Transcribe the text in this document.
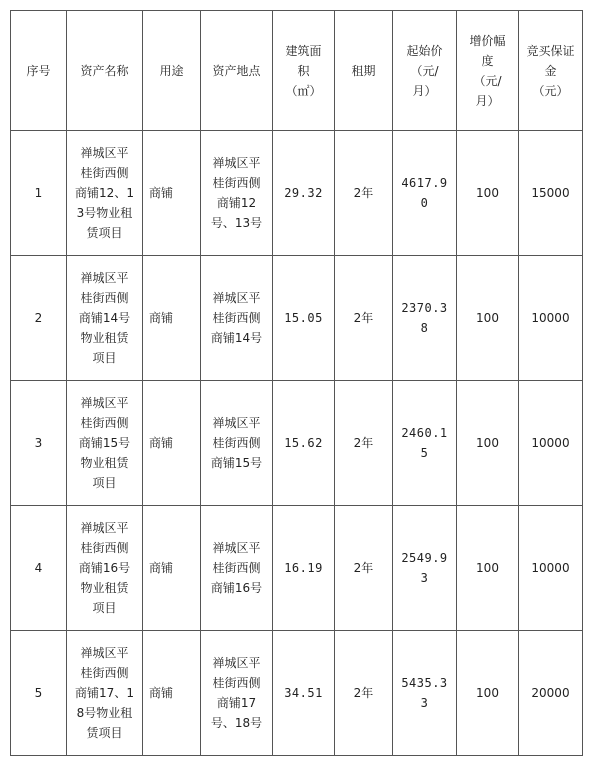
序号	资产名称	用途	资产地点	建筑面
积
（㎡）	租期	起始价
（元/
月）	增价幅
度
（元/
月）	竞买保证
金
（元）
1	禅城区平
桂街西侧
商铺12、1
3号物业租
赁项目	商铺	禅城区平
桂街西侧
商铺12
号、13号	29.32	2年	4617.9
0	100	15000
2	禅城区平
桂街西侧
商铺14号
物业租赁
项目	商铺	禅城区平
桂街西侧
商铺14号	15.05	2年	2370.3
8	100	10000
3	禅城区平
桂街西侧
商铺15号
物业租赁
项目	商铺	禅城区平
桂街西侧
商铺15号	15.62	2年	2460.1
5	100	10000
4	禅城区平
桂街西侧
商铺16号
物业租赁
项目	商铺	禅城区平
桂街西侧
商铺16号	16.19	2年	2549.9
3	100	10000
5	禅城区平
桂街西侧
商铺17、1
8号物业租
赁项目	商铺	禅城区平
桂街西侧
商铺17
号、18号	34.51	2年	5435.3
3	100	20000
